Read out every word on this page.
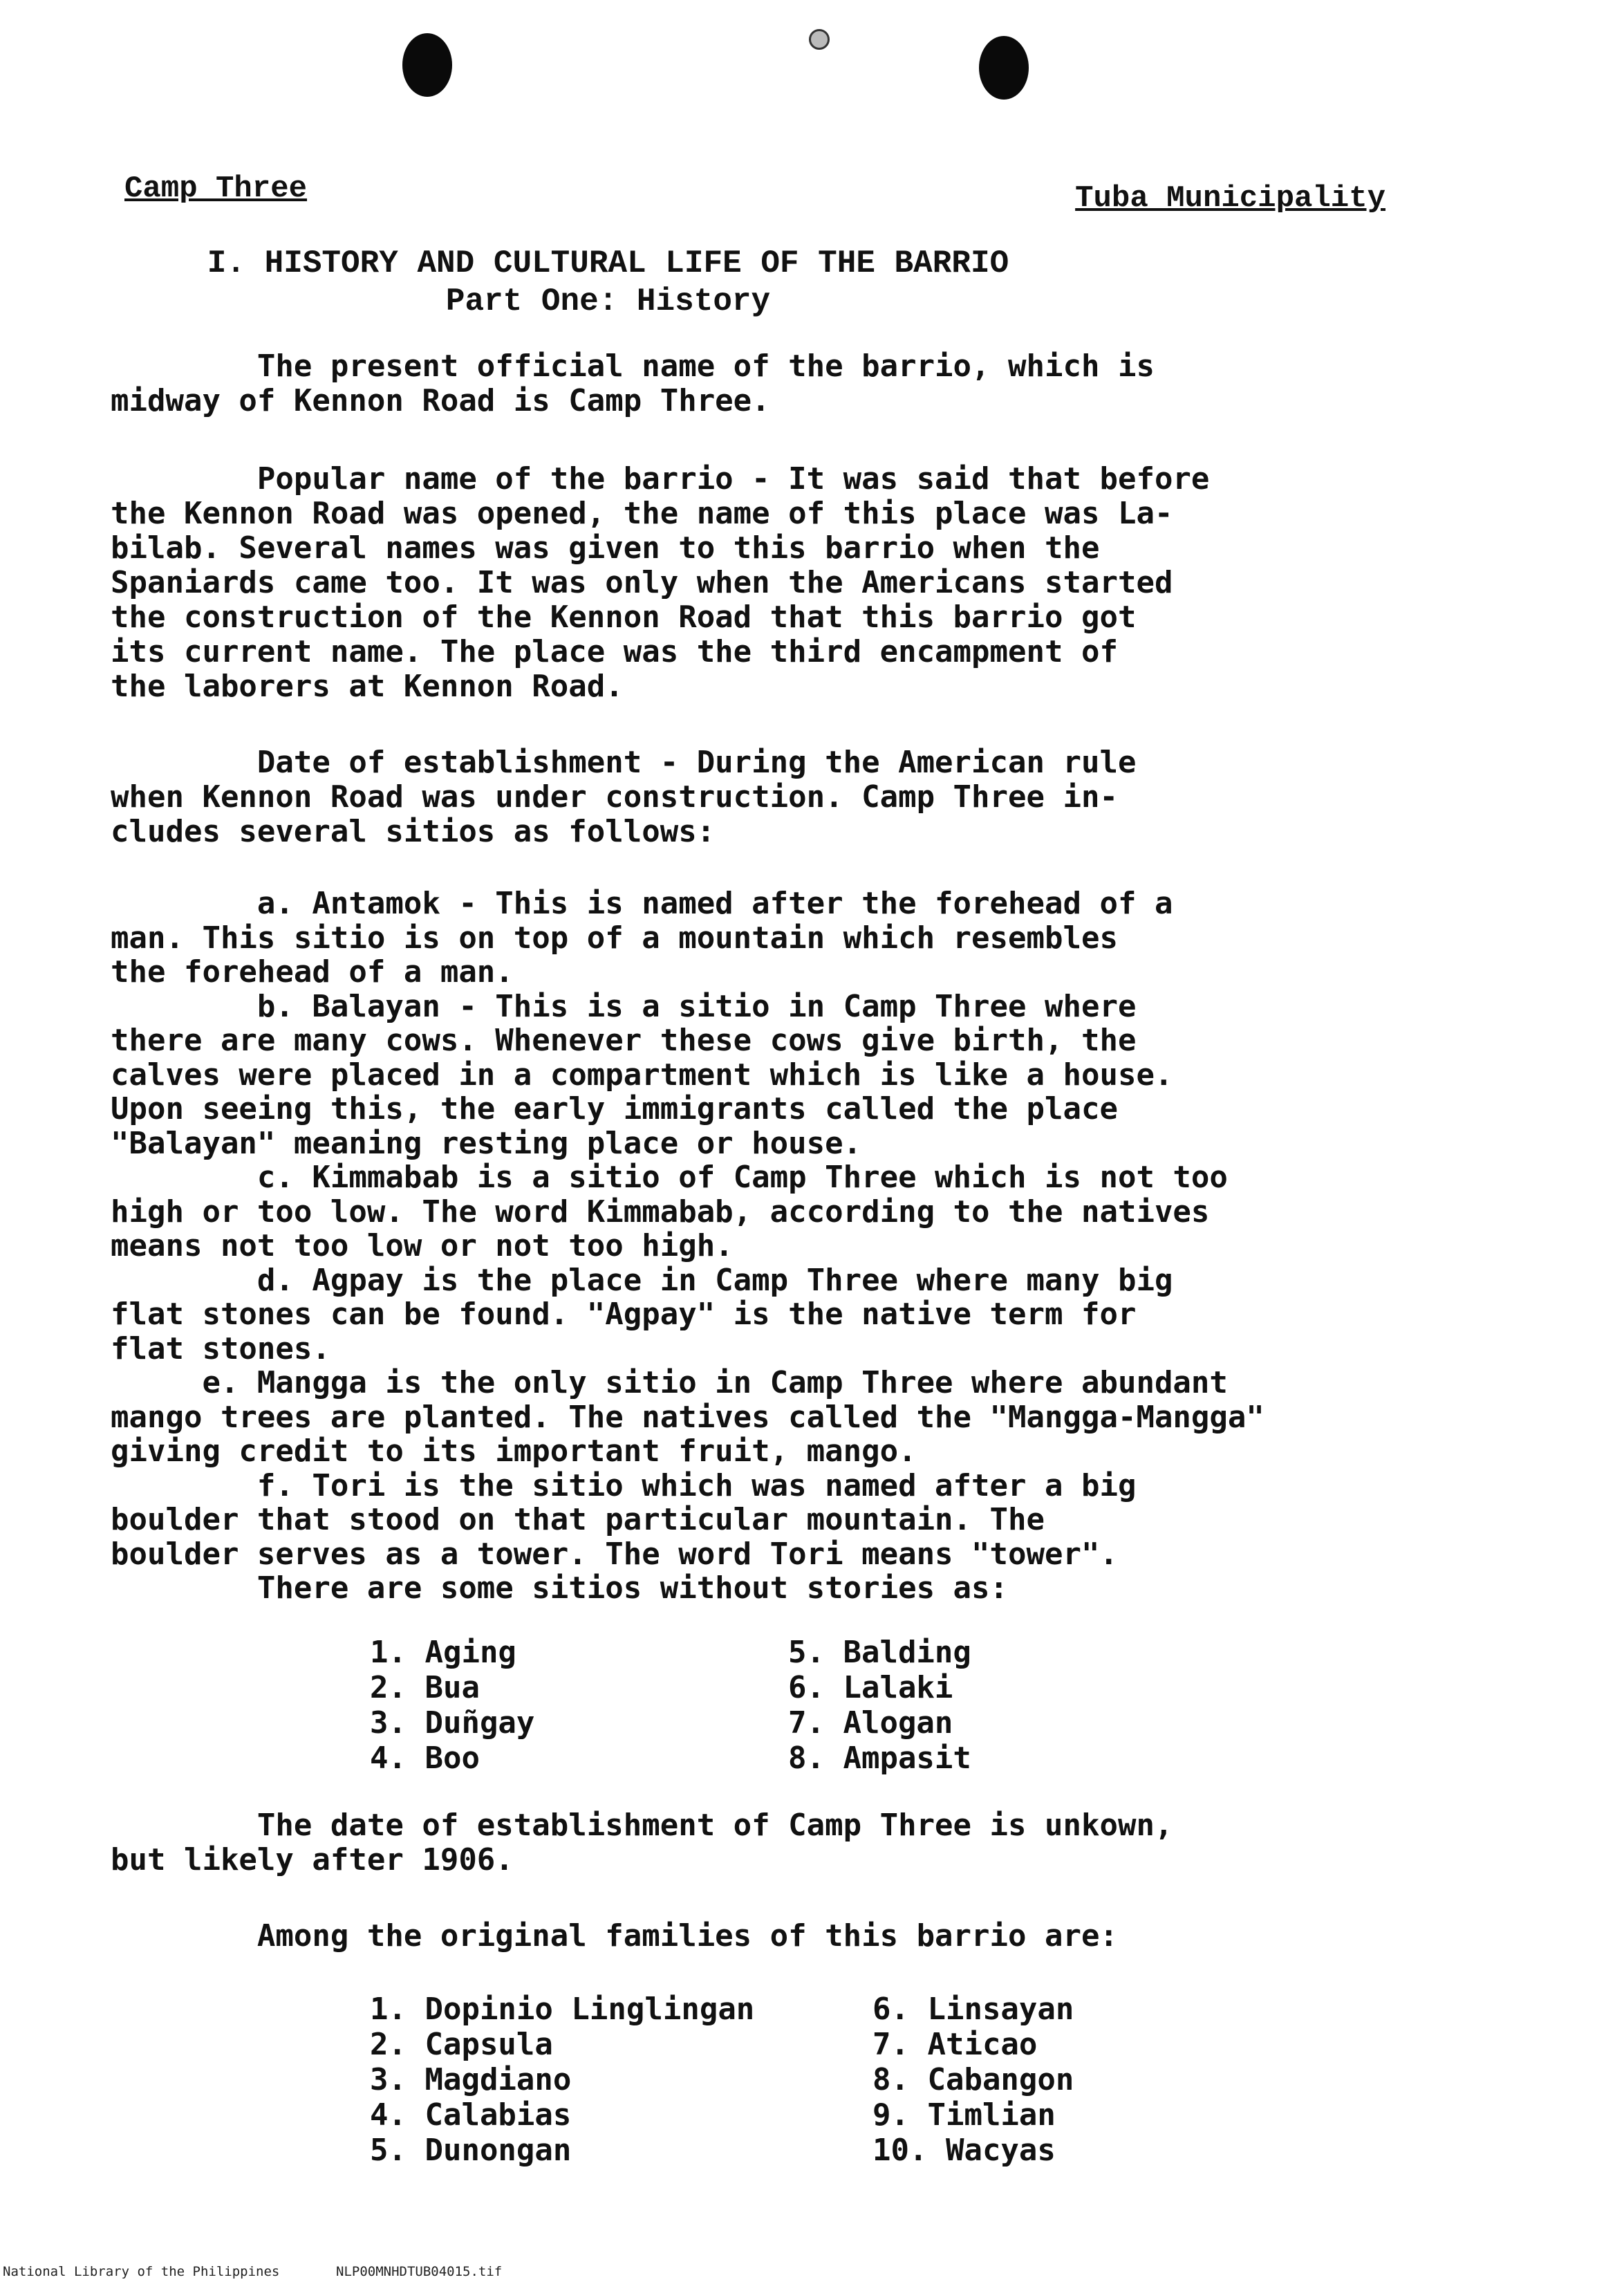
Camp Three	Tuba Municipality
I. HISTORY AND CULTURAL LIFE OF THE BARRIO
Part One: History
The present official name of the barrio, which is
midway of Kennon Road is Camp Three.
Popular name of the barrio - It was said that before
the Kennon Road was opened, the name of this place was La-
bilab. Several names was given to this barrio when the
Spaniards came too. It was only when the Americans started
the construction of the Kennon Road that this barrio got
its current name. The place was the third encampment of
the laborers at Kennon Road.
Date of establishment - During the American rule
when Kennon Road was under construction. Camp Three in-
cludes several sitios as follows:
a. Antamok - This is named after the forehead of a
man. This sitio is on top of a mountain which resembles
the forehead of a man.
b. Balayan - This is a sitio in Camp Three where
there are many cows. Whenever these cows give birth, the
calves were placed in a compartment which is like a house.
Upon seeing this, the early immigrants called the place
"Balayan" meaning resting place or house.
c. Kimmabab is a sitio of Camp Three which is not too
high or too low. The word Kimmabab, according to the natives
means not too low or not too high.
d. Agpay is the place in Camp Three where many big
flat stones can be found. "Agpay" is the native term for
flat stones.
e. Mangga is the only sitio in Camp Three where abundant
mango trees are planted. The natives called the "Mangga-Mangga"
giving credit to its important fruit, mango.
f. Tori is the sitio which was named after a big
boulder that stood on that particular mountain. The
boulder serves as a tower. The word Tori means "tower".
There are some sitios without stories as:
1. Aging
2. Bua
3. Duñgay
4. Boo
5. Balding
6. Lalaki
7. Alogan
8. Ampasit
The date of establishment of Camp Three is unkown,
but likely after 1906.
Among the original families of this barrio are:
1. Dopinio Linglingan
2. Capsula
3. Magdiano
4. Calabias
5. Dunongan
6. Linsayan
7. Aticao
8. Cabangon
9. Timlian
10. Wacyas
National Library of the Philippines	NLP00MNHDTUB04015.tif
